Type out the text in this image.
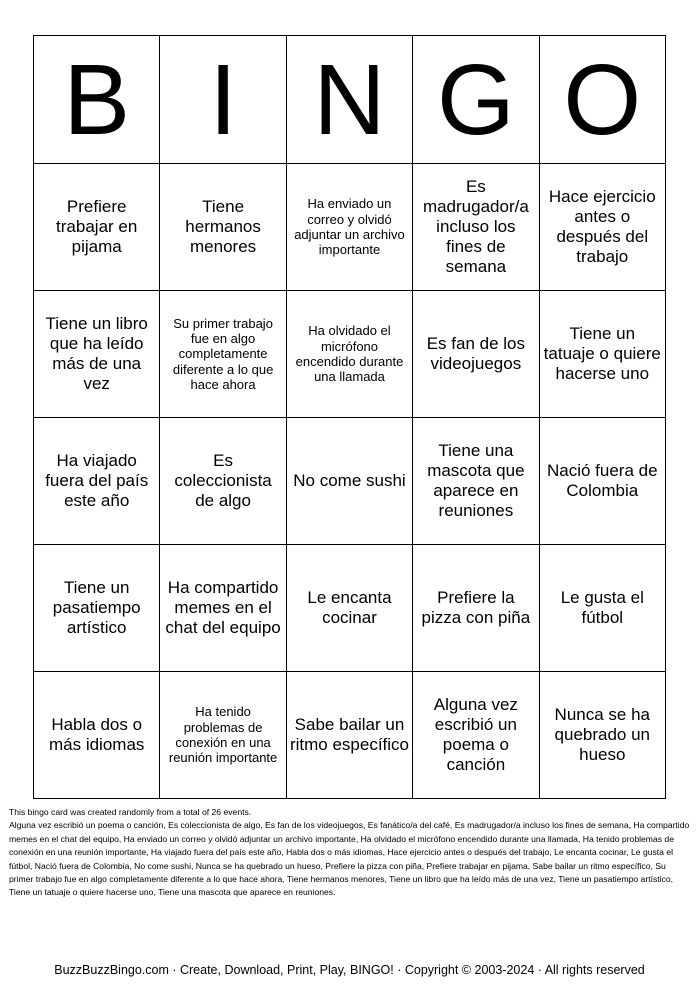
B	I	N	G	O
Prefiere trabajar en pijama	Tiene hermanos menores	Ha enviado un correo y olvidó adjuntar un archivo importante	Es madrugador/a incluso los fines de semana	Hace ejercicio antes o después del trabajo
Tiene un libro que ha leído más de una vez	Su primer trabajo fue en algo completamente diferente a lo que hace ahora	Ha olvidado el micrófono encendido durante una llamada	Es fan de los videojuegos	Tiene un tatuaje o quiere hacerse uno
Ha viajado fuera del país este año	Es coleccionista de algo	No come sushi	Tiene una mascota que aparece en reuniones	Nació fuera de Colombia
Tiene un pasatiempo artístico	Ha compartido memes en el chat del equipo	Le encanta cocinar	Prefiere la pizza con piña	Le gusta el fútbol
Habla dos o más idiomas	Ha tenido problemas de conexión en una reunión importante	Sabe bailar un ritmo específico	Alguna vez escribió un poema o canción	Nunca se ha quebrado un hueso
This bingo card was created randomly from a total of 26 events.
Alguna vez escribió un poema o canción, Es coleccionista de algo, Es fan de los videojuegos, Es fanático/a del café, Es madrugador/a incluso los fines de semana, Ha compartido memes en el chat del equipo, Ha enviado un correo y olvidó adjuntar un archivo importante, Ha olvidado el micrófono encendido durante una llamada, Ha tenido problemas de conexión en una reunión importante, Ha viajado fuera del país este año, Habla dos o más idiomas, Hace ejercicio antes o después del trabajo, Le encanta cocinar, Le gusta el fútbol, Nació fuera de Colombia, No come sushi, Nunca se ha quebrado un hueso, Prefiere la pizza con piña, Prefiere trabajar en pijama, Sabe bailar un ritmo específico, Su primer trabajo fue en algo completamente diferente a lo que hace ahora, Tiene hermanos menores, Tiene un libro que ha leído más de una vez, Tiene un pasatiempo artístico, Tiene un tatuaje o quiere hacerse uno, Tiene una mascota que aparece en reuniones.
BuzzBuzzBingo.com · Create, Download, Print, Play, BINGO! · Copyright © 2003-2024 · All rights reserved
